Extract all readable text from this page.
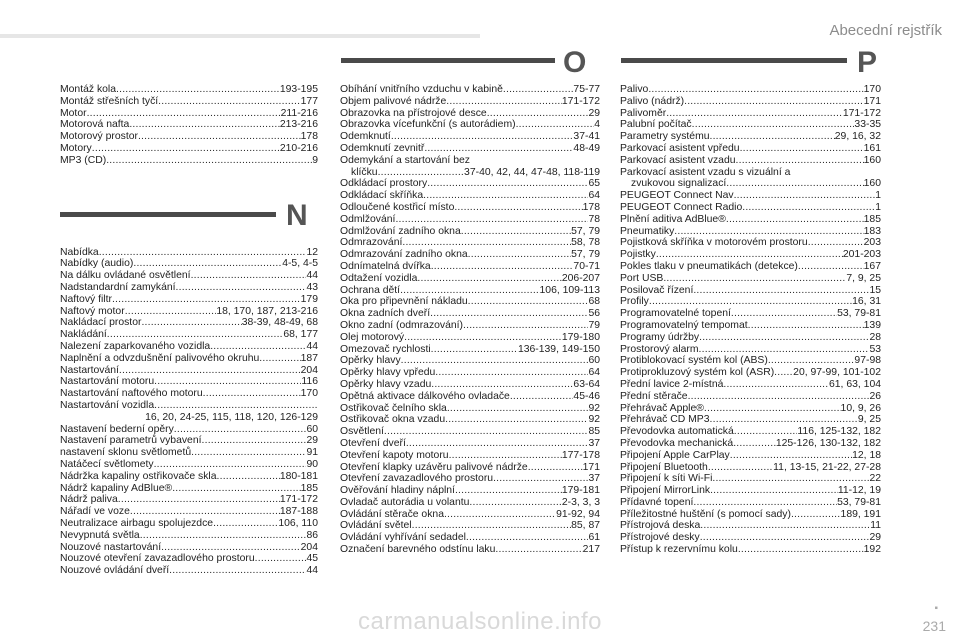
Abecední rejstřík
O	P
N
Montáž kola .....	193-195
Montáž střešních tyčí .....	177
Motor .....	211-216
Motorová nafta .....	213-216
Motorový prostor .....	178
Motory .....	210-216
MP3 (CD) .....	9
Nabídka .....	12
Nabídky (audio) .....	4-5, 4-5
Na dálku ovládané osvětlení .....	44
Nadstandardní zamykání .....	43
Naftový filtr .....	179
Naftový motor .....	18, 170, 187, 213-216
Nakládací prostor .....	38-39, 48-49, 68
Nakládání .....	68, 177
Nalezení zaparkovaného vozidla .....	44
Naplnění a odvzdušnění palivového okruhu .....	187
Nastartování .....	204
Nastartování motoru .....	116
Nastartování naftového motoru .....	170
Nastartování vozidla
.....
16, 20, 24-25, 115, 118, 120, 126-129
Nastavení bederní opěry .....	60
Nastavení parametrů vybavení .....	29
nastavení sklonu světlometů .....	91
Natáčecí světlomety .....	90
Nádržka kapaliny ostřikovače skla .....	180-181
Nádrž kapaliny AdBlue® .....	185
Nádrž paliva .....	171-172
Nářadí ve voze .....	187-188
Neutralizace airbagu spolujezdce .....	106, 110
Nevypnutá světla .....	86
Nouzové nastartování .....	204
Nouzové otevření zavazadlového prostoru .....	45
Nouzové ovládání dveří .....	44
Obíhání vnitřního vzduchu v kabině .....	75-77
Objem palivové nádrže .....	171-172
Obrazovka na přístrojové desce .....	29
Obrazovka vícefunkční (s autorádiem) .....	4
Odemknutí .....	37-41
Odemknutí zevnitř .....	48-49
Odemykání a startování bez
klíčku .....	37-40, 42, 44, 47-48, 118-119
Odkládací prostory .....	65
Odkládací skříňka .....	64
Odloučené kostřicí místo .....	178
Odmlžování .....	78
Odmlžování zadního okna .....	57, 79
Odmrazování .....	58, 78
Odmrazování zadního okna .....	57, 79
Odnímatelná dvířka .....	70-71
Odtažení vozidla .....	206-207
Ochrana dětí .....	106, 109-113
Oka pro připevnění nákladu .....	68
Okna zadních dveří .....	56
Okno zadní (odmrazování) .....	79
Olej motorový .....	179-180
Omezovač rychlosti .....	136-139, 149-150
Opěrky hlavy .....	60
Opěrky hlavy vpředu .....	64
Opěrky hlavy vzadu .....	63-64
Opětná aktivace dálkového ovladače .....	45-46
Ostřikovač čelního skla .....	92
Ostřikovač okna vzadu .....	92
Osvětlení .....	85
Otevření dveří .....	37
Otevření kapoty motoru .....	177-178
Otevření klapky uzávěru palivové nádrže .....	171
Otevření zavazadlového prostoru .....	37
Ověřování hladiny náplní .....	179-181
Ovladač autorádia u volantu .....	2-3, 3, 3
Ovládání stěrače okna .....	91-92, 94
Ovládání světel .....	85, 87
Ovládání vyhřívání sedadel .....	61
Označení barevného odstínu laku .....	217
Palivo .....	170
Palivo (nádrž) .....	171
Palivoměr .....	171-172
Palubní počítač .....	33-35
Parametry systému .....	29, 16, 32
Parkovací asistent vpředu .....	161
Parkovací asistent vzadu .....	160
Parkovací asistent vzadu s vizuální a
zvukovou signalizací .....	160
PEUGEOT Connect Nav .....	1
PEUGEOT Connect Radio .....	1
Plnění aditiva AdBlue® .....	185
Pneumatiky .....	183
Pojistková skříňka v motorovém prostoru .....	203
Pojistky .....	201-203
Pokles tlaku v pneumatikách (detekce) .....	167
Port USB .....	7, 9, 25
Posilovač řízení .....	15
Profily .....	16, 31
Programovatelné topení .....	53, 79-81
Programovatelný tempomat .....	139
Programy údržby .....	28
Prostorový alarm .....	53
Protiblokovací systém kol (ABS) .....	97-98
Protiprokluzový systém kol (ASR) ..... 20, 97-99, 101-102
Přední lavice 2-místná .....	61, 63, 104
Přední stěrače .....	26
Přehrávač Apple® .....	10, 9, 26
Přehrávač CD MP3 .....	9, 25
Převodovka automatická .....	116, 125-132, 182
Převodovka mechanická .....	125-126, 130-132, 182
Připojení Apple CarPlay .....	12, 18
Připojení Bluetooth .....	11, 13-15, 21-22, 27-28
Připojení k síti Wi-Fi .....	22
Připojení MirrorLink .....	11-12, 19
Přídavné topení .....	53, 79-81
Příležitostné huštění (s pomocí sady) .....	189, 191
Přístrojová deska .....	11
Přístrojové desky .....	29
Přístup k rezervnímu kolu .....	192
carmanualsonline.info	▪
231
